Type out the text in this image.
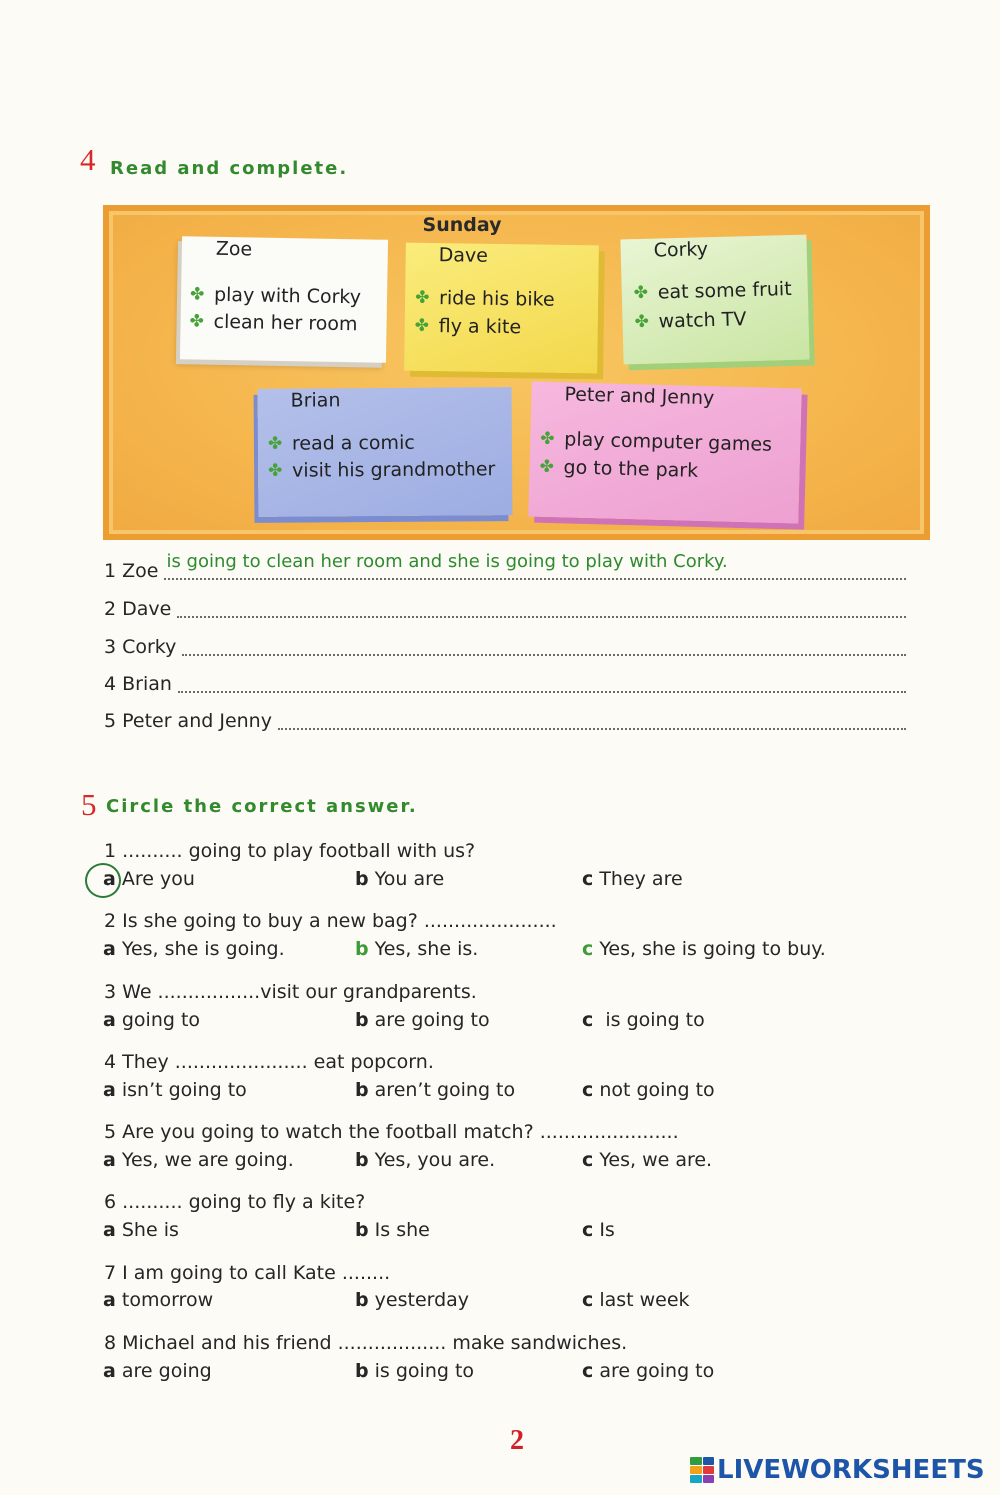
4 Read and complete.
Sunday
Zoe
✤
play with Corky
✤
clean her room
Dave
✤
ride his bike
✤
fly a kite
Corky
✤
eat some fruit
✤
watch TV
Brian
✤
read a comic
✤
visit his grandmother
Peter and Jenny
✤
play computer games
✤
go to the park
1 Zoe is going to clean her room and she is going to play with Corky.
2 Dave
3 Corky
4 Brian
5 Peter and Jenny
5 Circle the correct answer.
1 .......... going to play football with us?
a Are you	b You are	c They are
2 Is she going to buy a new bag? ......................
a Yes, she is going.	b Yes, she is.	c Yes, she is going to buy.
3 We .................visit our grandparents.
a going to	b are going to	c is going to
4 They ...................... eat popcorn.
a isn’t going to	b aren’t going to	c not going to
5 Are you going to watch the football match? .......................
a Yes, we are going.	b Yes, you are.	c Yes, we are.
6 .......... going to fly a kite?
a She is	b Is she	c Is
7 I am going to call Kate ........
a tomorrow	b yesterday	c last week
8 Michael and his friend .................. make sandwiches.
a are going	b is going to	c are going to
2
LIVEWORKSHEETS
